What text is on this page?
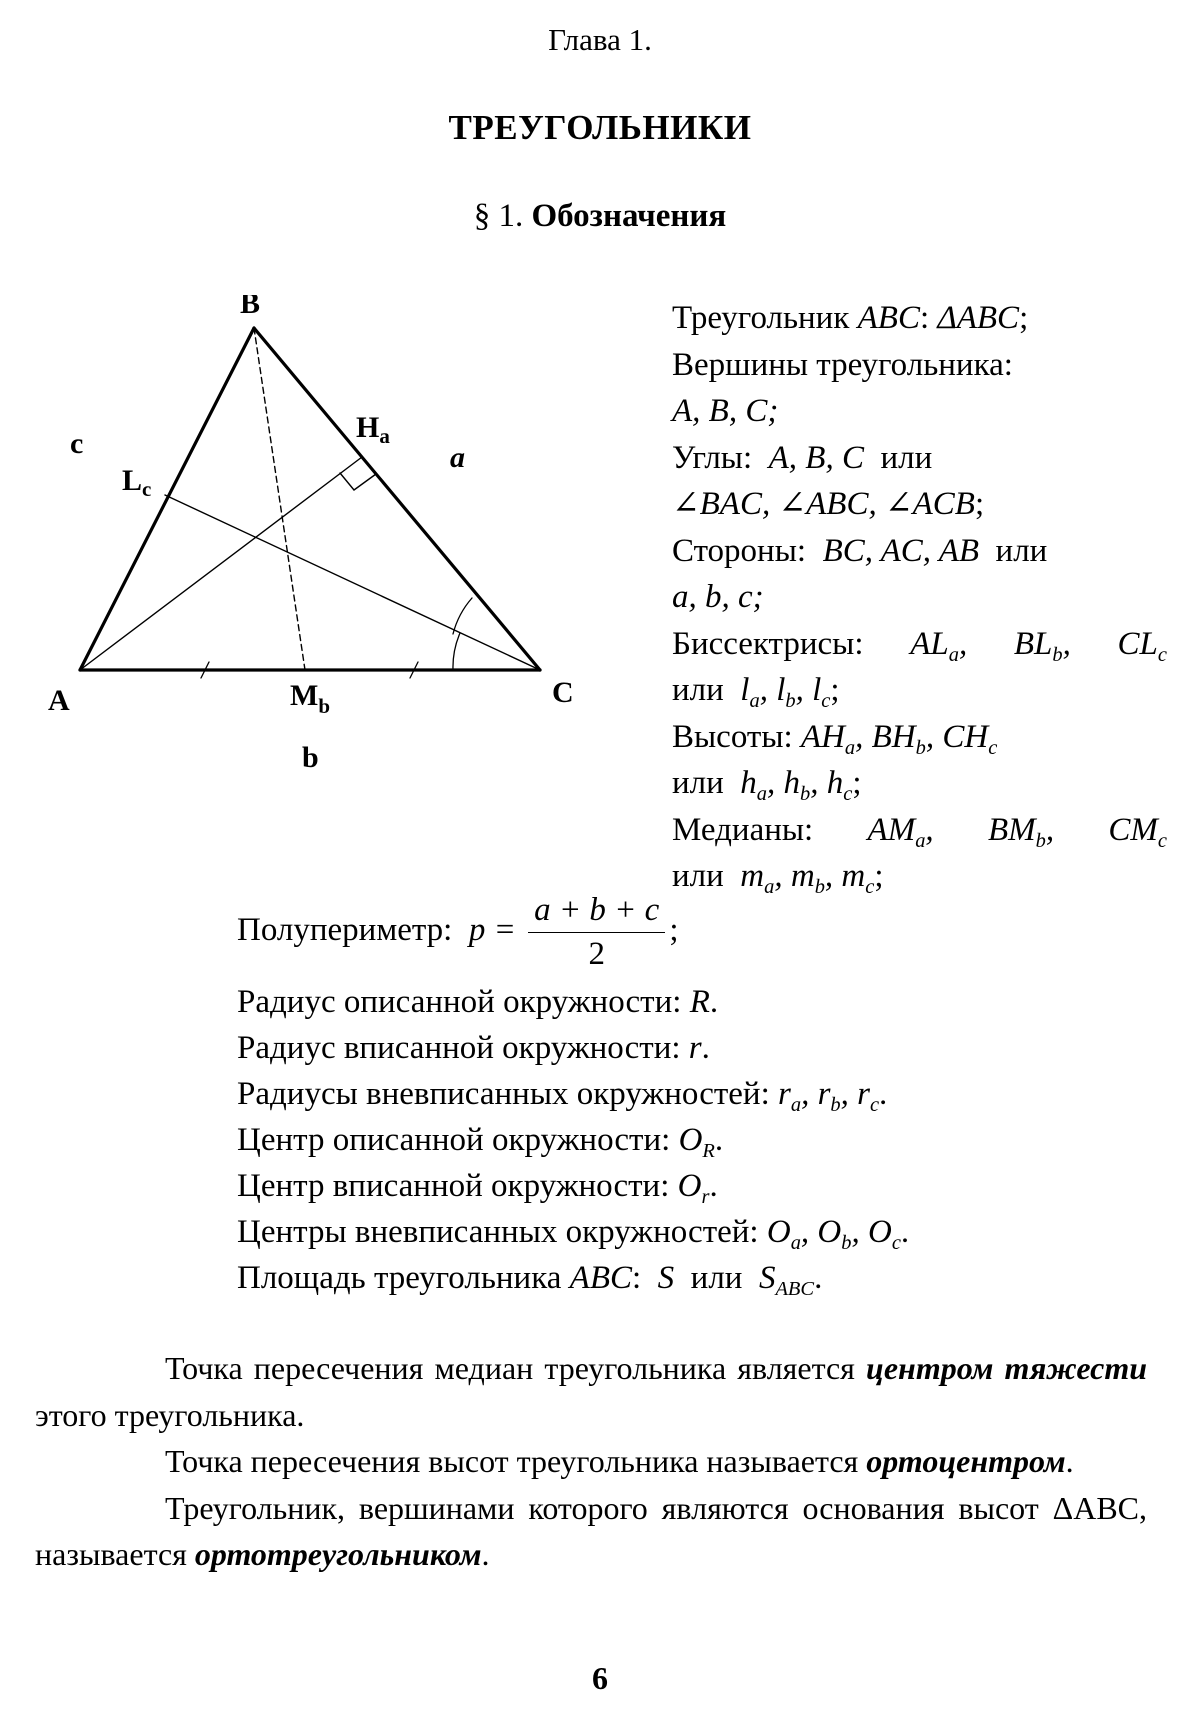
Глава 1.
ТРЕУГОЛЬНИКИ
§ 1. Обозначения
B
A	C
$H_a$
$L_c$
$M_b$
b
a
c
Треугольник ABC: ΔABC;
Вершины треугольника:
A, B, C;
Углы: A, B, C или
∠BAC, ∠ABC, ∠ACB;
Стороны: BC, AC, AB или
a, b, c;
Биссектрисы: $AL_a$, $BL_b$, $CL_c$
или $l_a$, $l_b$, $l_c$;
Высоты: $AH_a$, $BH_b$, $CH_c$
или $h_a$, $h_b$, $h_c$;
Медианы: $AM_a$, $BM_b$, $CM_c$
или $m_a$, $m_b$, $m_c$;
Полупериметр: $p = \frac{a + b + c}{2}$ ;
Радиус описанной окружности: R.
Радиус вписанной окружности: r.
Радиусы вневписанных окружностей: $r_a$, $r_b$, $r_c$.
Центр описанной окружности: $O_R$.
Центр вписанной окружности: $O_r$.
Центры вневписанных окружностей: $O_a$, $O_b$, $O_c$.
Площадь треугольника ABC: S или $S_{ABC}$.
Точка пересечения медиан треугольника является центром тяжести этого треугольника.
Точка пересечения высот треугольника называется ортоцентром.
Треугольник, вершинами которого являются основания высот ΔABC, называется ортотреугольником.
6
